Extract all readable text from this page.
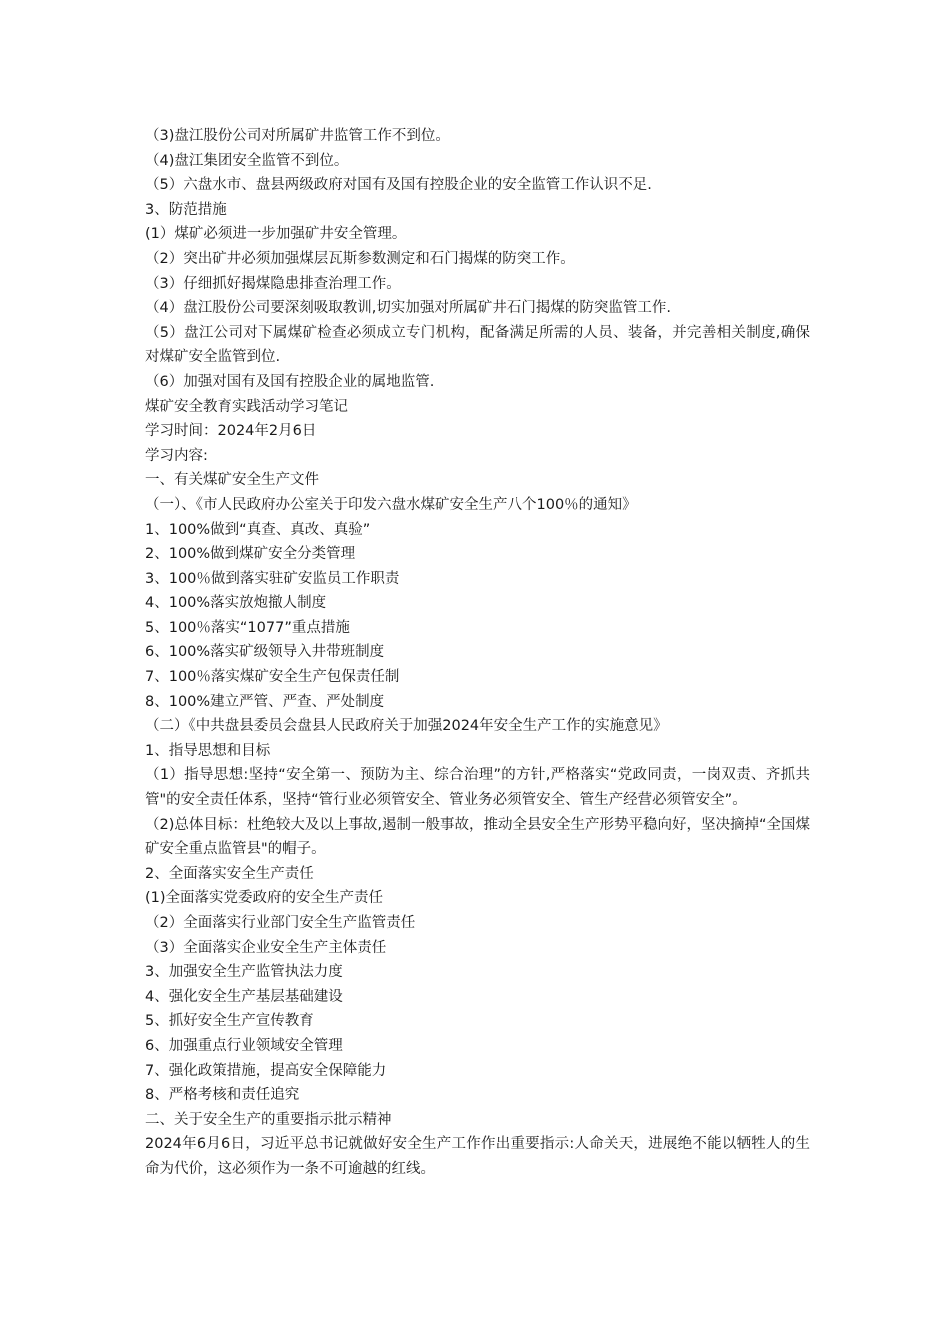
（3)盘江股份公司对所属矿井监管工作不到位。
（4)盘江集团安全监管不到位。
（5）六盘水市、盘县两级政府对国有及国有控股企业的安全监管工作认识不足.
3、防范措施
(1）煤矿必须进一步加强矿井安全管理。
（2）突出矿井必须加强煤层瓦斯参数测定和石门揭煤的防突工作。
（3）仔细抓好揭煤隐患排查治理工作。
（4）盘江股份公司要深刻吸取教训,切实加强对所属矿井石门揭煤的防突监管工作.
（5）盘江公司对下属煤矿检查必须成立专门机构，配备满足所需的人员、装备，并完善相关制度,确保对煤矿安全监管到位.
（6）加强对国有及国有控股企业的属地监管.
煤矿安全教育实践活动学习笔记
学习时间：2024年2月6日
学习内容:
一、有关煤矿安全生产文件
（一）、《市人民政府办公室关于印发六盘水煤矿安全生产八个100％的通知》
1、100%做到“真查、真改、真验”
2、100%做到煤矿安全分类管理
3、100％做到落实驻矿安监员工作职责
4、100%落实放炮撤人制度
5、100％落实“1077”重点措施
6、100%落实矿级领导入井带班制度
7、100％落实煤矿安全生产包保责任制
8、100%建立严管、严查、严处制度
（二）《中共盘县委员会盘县人民政府关于加强2024年安全生产工作的实施意见》
1、指导思想和目标
（1）指导思想:坚持“安全第一、预防为主、综合治理”的方针,严格落实“党政同责，一岗双责、齐抓共管"的安全责任体系，坚持“管行业必须管安全、管业务必须管安全、管生产经营必须管安全”。
（2)总体目标：杜绝较大及以上事故,遏制一般事故，推动全县安全生产形势平稳向好，坚决摘掉“全国煤矿安全重点监管县"的帽子。
2、全面落实安全生产责任
(1)全面落实党委政府的安全生产责任
（2）全面落实行业部门安全生产监管责任
（3）全面落实企业安全生产主体责任
3、加强安全生产监管执法力度
4、强化安全生产基层基础建设
5、抓好安全生产宣传教育
6、加强重点行业领域安全管理
7、强化政策措施，提高安全保障能力
8、严格考核和责任追究
二、关于安全生产的重要指示批示精神
2024年6月6日，习近平总书记就做好安全生产工作作出重要指示:人命关天，进展绝不能以牺牲人的生命为代价，这必须作为一条不可逾越的红线。
